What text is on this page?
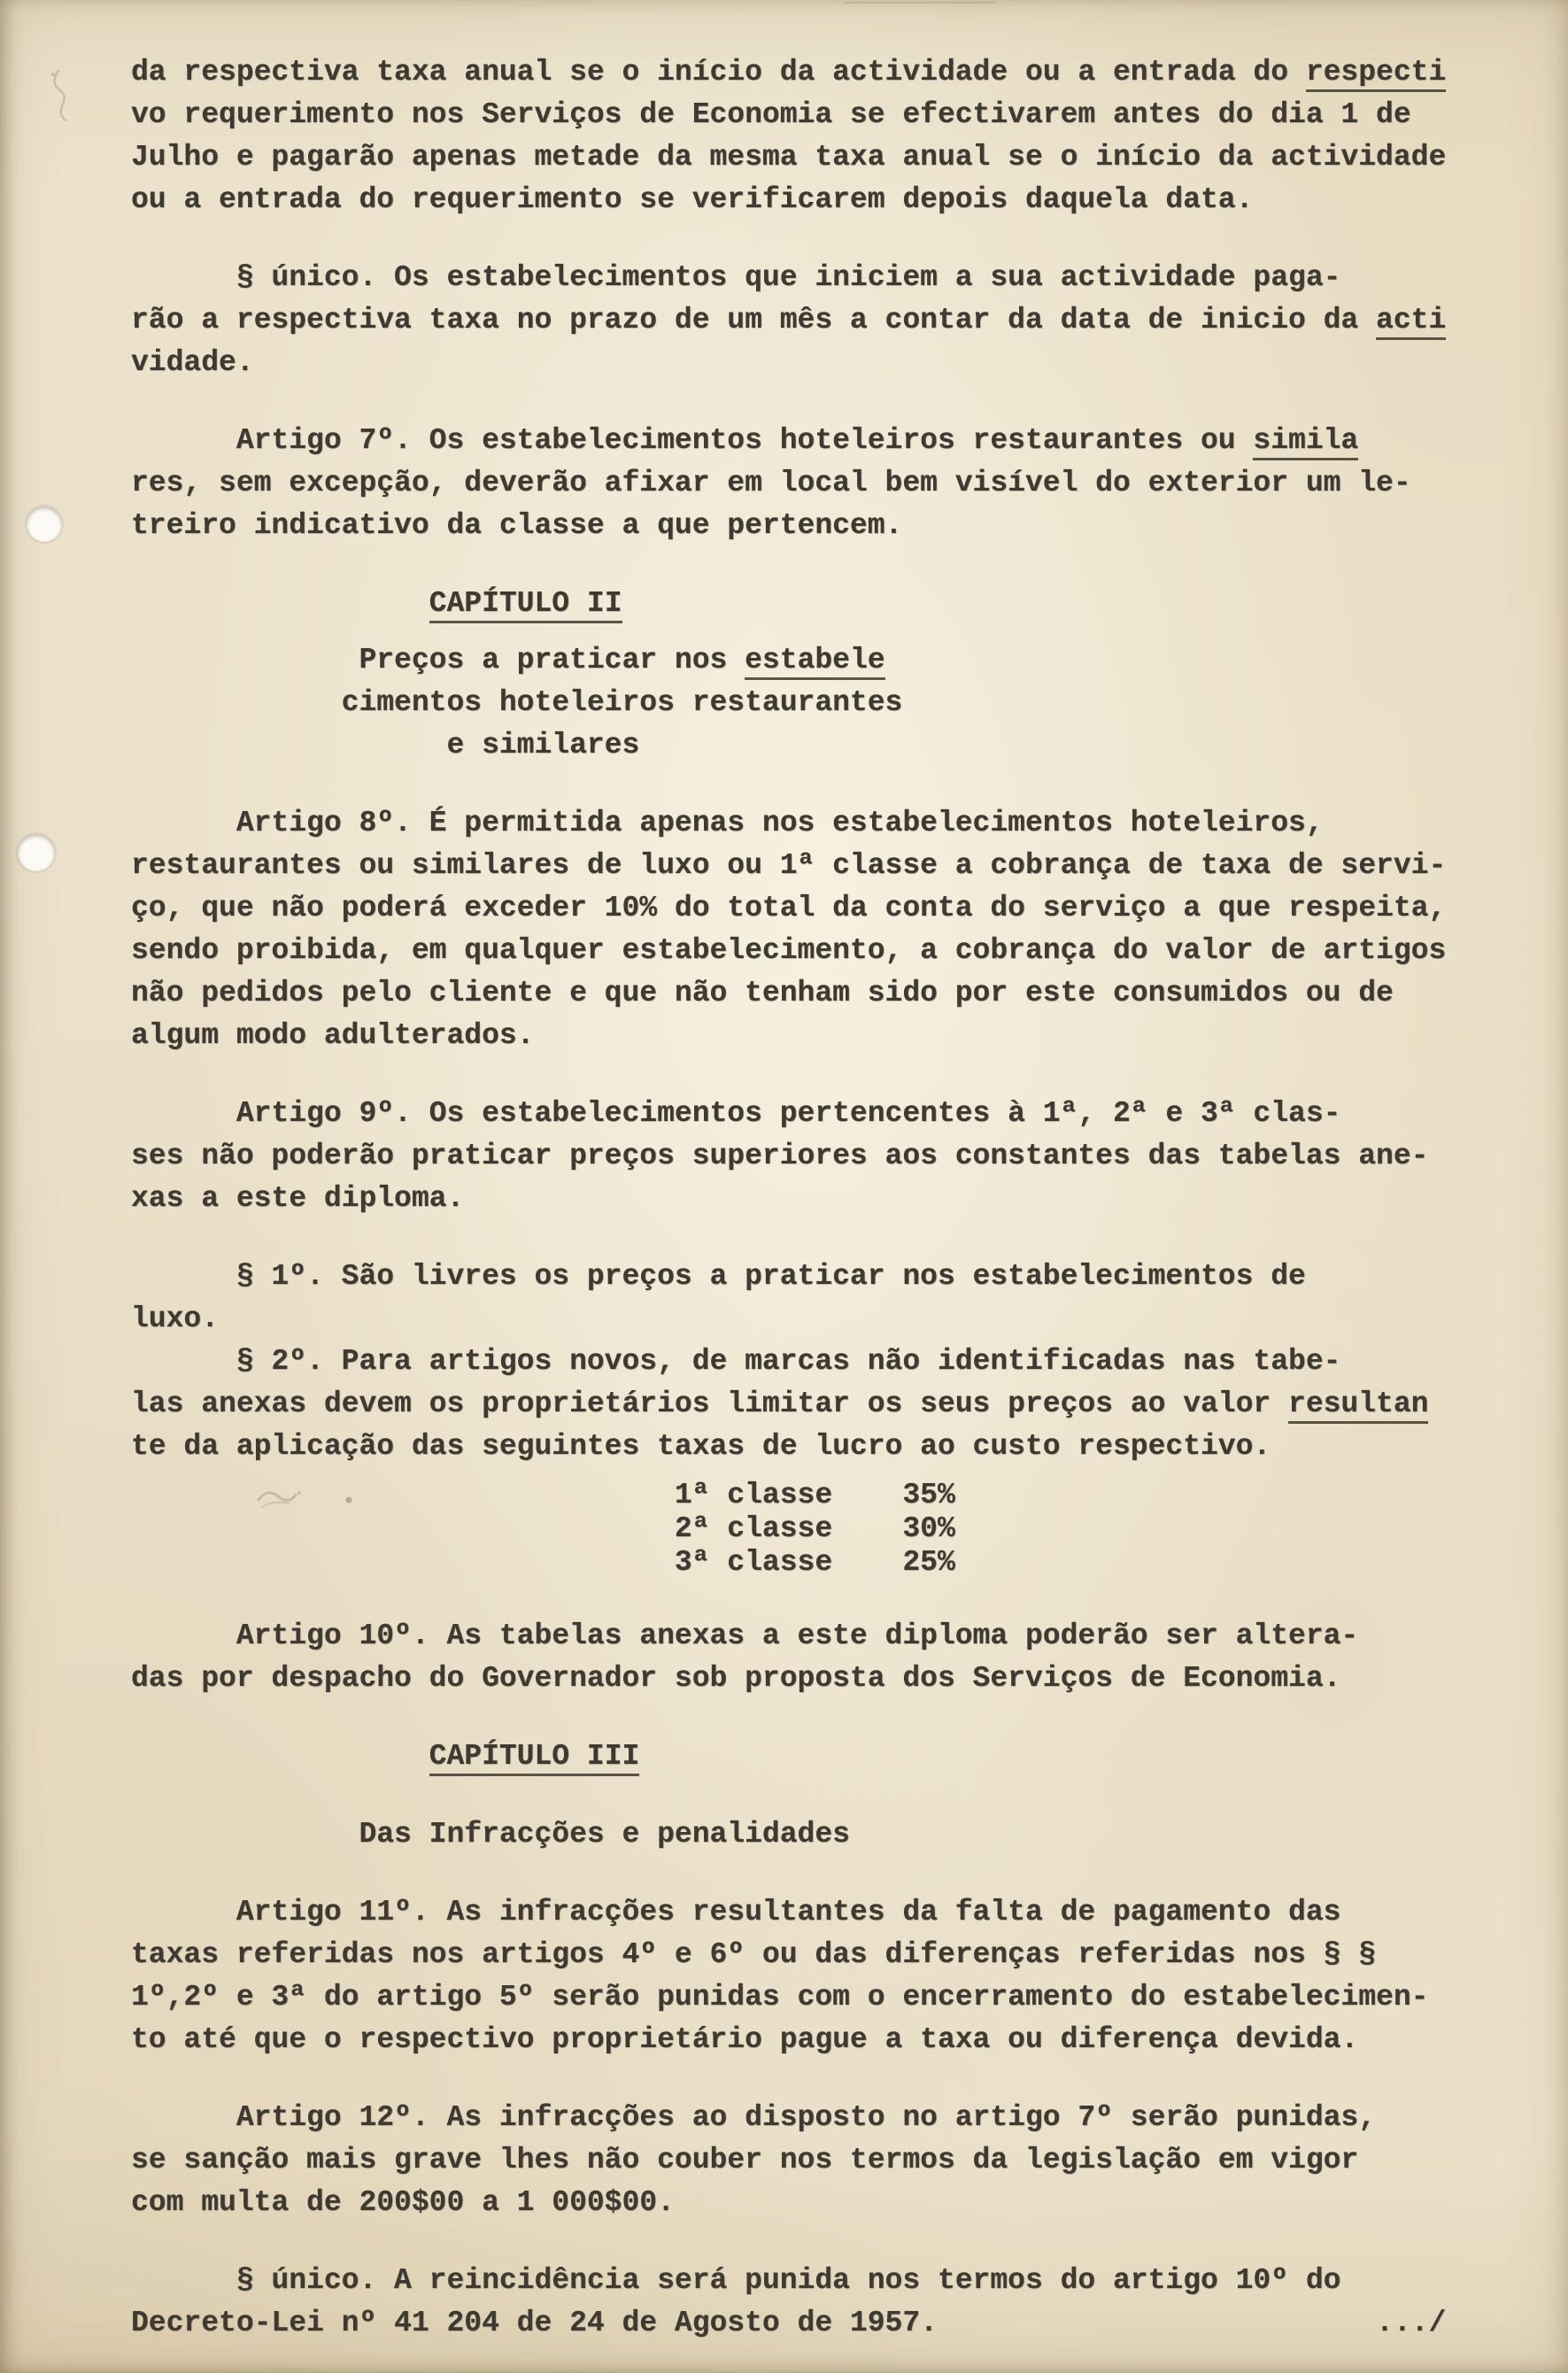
da respectiva taxa anual se o início da actividade ou a entrada do respecti
vo requerimento nos Serviços de Economia se efectivarem antes do dia 1 de
Julho e pagarão apenas metade da mesma taxa anual se o início da actividade
ou a entrada do requerimento se verificarem depois daquela data.
§ único. Os estabelecimentos que iniciem a sua actividade paga-
rão a respectiva taxa no prazo de um mês a contar da data de inicio da acti
vidade.
Artigo 7º. Os estabelecimentos hoteleiros restaurantes ou simila
res, sem excepção, deverão afixar em local bem visível do exterior um le-
treiro indicativo da classe a que pertencem.
CAPÍTULO II
Preços a praticar nos estabele
cimentos hoteleiros restaurantes
e similares
Artigo 8º. É permitida apenas nos estabelecimentos hoteleiros,
restaurantes ou similares de luxo ou 1ª classe a cobrança de taxa de servi-
ço, que não poderá exceder 10% do total da conta do serviço a que respeita,
sendo proibida, em qualquer estabelecimento, a cobrança do valor de artigos
não pedidos pelo cliente e que não tenham sido por este consumidos ou de
algum modo adulterados.
Artigo 9º. Os estabelecimentos pertencentes à 1ª, 2ª e 3ª clas-
ses não poderão praticar preços superiores aos constantes das tabelas ane-
xas a este diploma.
§ 1º. São livres os preços a praticar nos estabelecimentos de
luxo.
§ 2º. Para artigos novos, de marcas não identificadas nas tabe-
las anexas devem os proprietários limitar os seus preços ao valor resultan
te da aplicação das seguintes taxas de lucro ao custo respectivo.
1ª classe    35%
2ª classe    30%
3ª classe    25%
Artigo 10º. As tabelas anexas a este diploma poderão ser altera-
das por despacho do Governador sob proposta dos Serviços de Economia.
CAPÍTULO III
Das Infracções e penalidades
Artigo 11º. As infracções resultantes da falta de pagamento das
taxas referidas nos artigos 4º e 6º ou das diferenças referidas nos § §
1º,2º e 3ª do artigo 5º serão punidas com o encerramento do estabelecimen-
to até que o respectivo proprietário pague a taxa ou diferença devida.
Artigo 12º. As infracções ao disposto no artigo 7º serão punidas,
se sanção mais grave lhes não couber nos termos da legislação em vigor
com multa de 200$00 a 1 000$00.
§ único. A reincidência será punida nos termos do artigo 10º do
Decreto-Lei nº 41 204 de 24 de Agosto de 1957.                         .../
